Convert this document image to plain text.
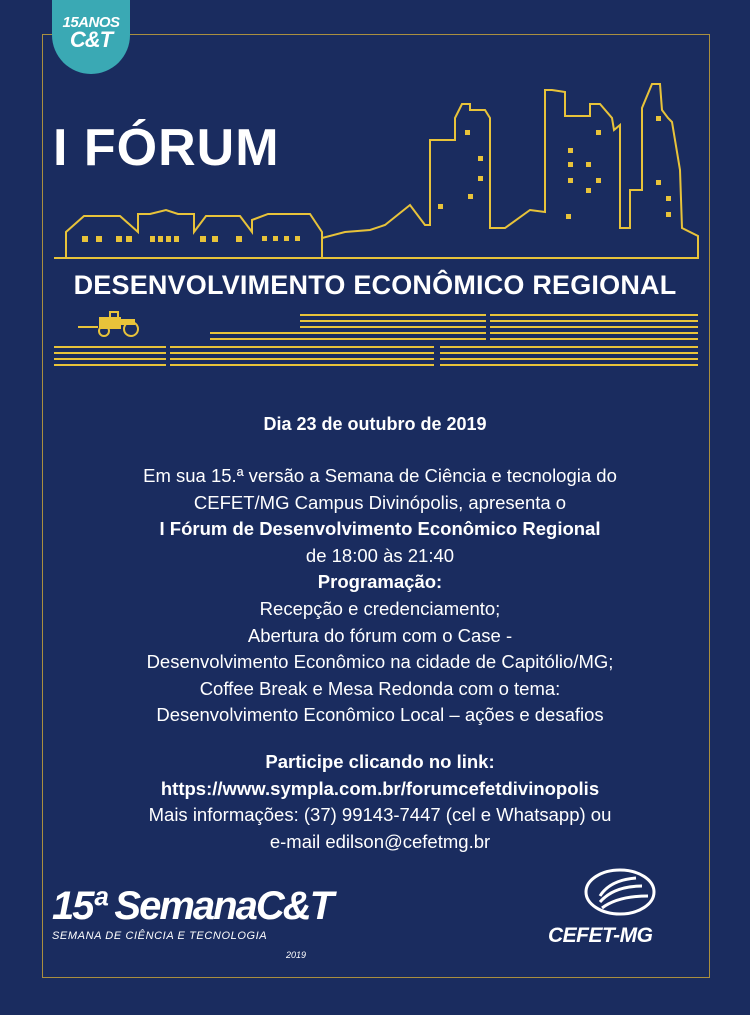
15ANOS
C&T
I FÓRUM
DESENVOLVIMENTO ECONÔMICO REGIONAL
Dia 23 de outubro de 2019

Em sua 15.ª versão a Semana de Ciência e tecnologia do

CEFET/MG Campus Divinópolis, apresenta o

I Fórum de Desenvolvimento Econômico Regional

de 18:00 às 21:40

Programação:

Recepção e credenciamento;

Abertura do fórum com o Case -

Desenvolvimento Econômico na cidade de Capitólio/MG;

Coffee Break e Mesa Redonda com o tema:

Desenvolvimento Econômico Local – ações e desafios

Participe clicando no link:

https://www.sympla.com.br/forumcefetdivinopolis

Mais informações: (37) 99143-7447 (cel e Whatsapp) ou

e-mail edilson@cefetmg.br

15ª SemanaC&T
SEMANA DE CIÊNCIA E TECNOLOGIA
2019
CEFET-MG
